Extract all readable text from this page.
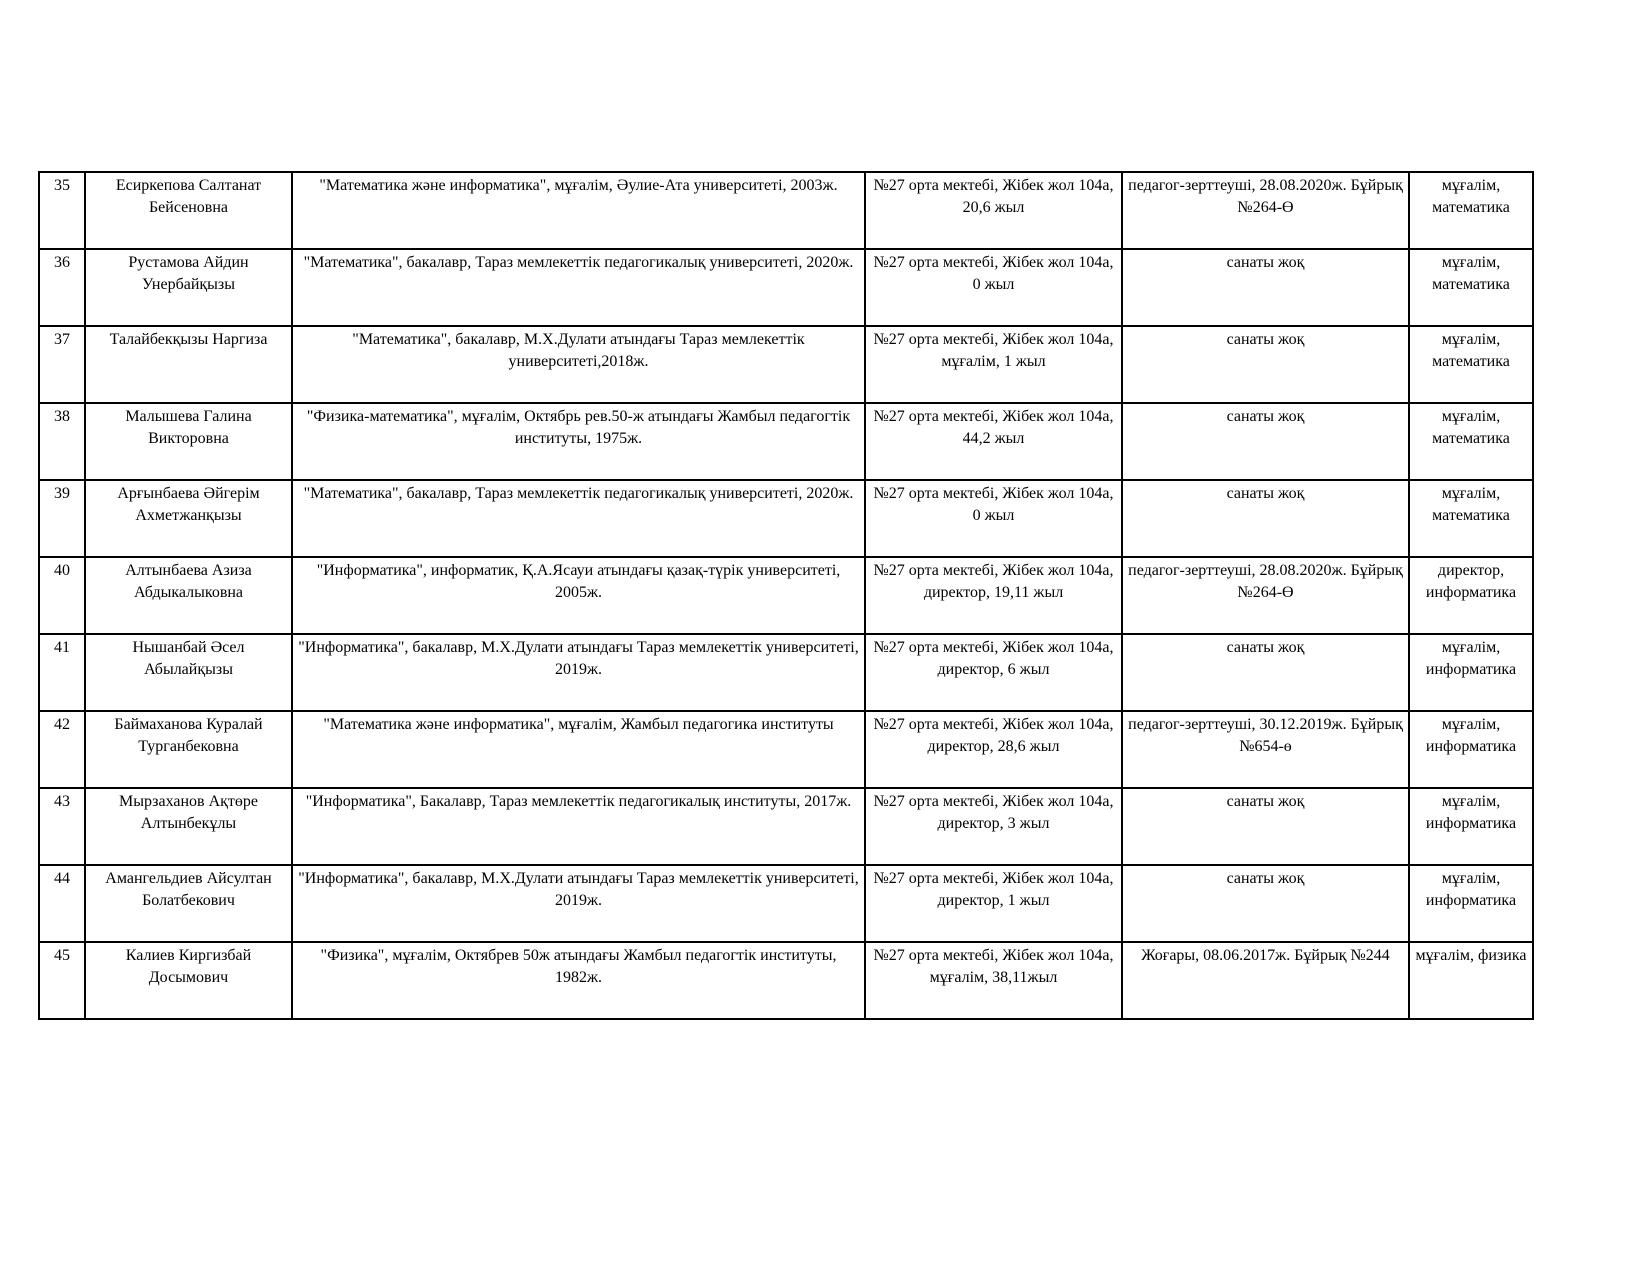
35	Есиркепова Салтанат Бейсеновна	"Математика және информатика", мұғалім, Әулие-Ата университеті, 2003ж.	№27 орта мектебі, Жібек жол 104а, 20,6 жыл	педагог-зерттеуші, 28.08.2020ж. Бұйрық №264-Ө	мұғалім, математика
36	Рустамова Айдин Унербайқызы	"Математика", бакалавр, Тараз мемлекеттік педагогикалық университеті, 2020ж.	№27 орта мектебі, Жібек жол 104а, 0 жыл	санаты жоқ	мұғалім, математика
37	Талайбекқызы Наргиза	"Математика", бакалавр, М.Х.Дулати атындағы Тараз мемлекеттік университеті,2018ж.	№27 орта мектебі, Жібек жол 104а, мұғалім, 1 жыл	санаты жоқ	мұғалім, математика
38	Малышева Галина Викторовна	"Физика-математика", мұғалім, Октябрь рев.50-ж атындағы Жамбыл педагогтік институты, 1975ж.	№27 орта мектебі, Жібек жол 104а, 44,2 жыл	санаты жоқ	мұғалім, математика
39	Арғынбаева Әйгерім Ахметжанқызы	"Математика", бакалавр, Тараз мемлекеттік педагогикалық университеті, 2020ж.	№27 орта мектебі, Жібек жол 104а, 0 жыл	санаты жоқ	мұғалім, математика
40	Алтынбаева Азиза Абдыкалыковна	"Информатика", информатик, Қ.А.Ясауи атындағы қазақ-түрік университеті, 2005ж.	№27 орта мектебі, Жібек жол 104а, директор, 19,11 жыл	педагог-зерттеуші, 28.08.2020ж. Бұйрық №264-Ө	директор, информатика
41	Нышанбай Әсел Абылайқызы	"Информатика", бакалавр, М.Х.Дулати атындағы Тараз мемлекеттік университеті, 2019ж.	№27 орта мектебі, Жібек жол 104а, директор, 6 жыл	санаты жоқ	мұғалім, информатика
42	Баймаханова Куралай Турганбековна	"Математика және информатика", мұғалім, Жамбыл педагогика институты	№27 орта мектебі, Жібек жол 104а, директор, 28,6 жыл	педагог-зерттеуші, 30.12.2019ж. Бұйрық №654-ө	мұғалім, информатика
43	Мырзаханов Ақтөре Алтынбекұлы	"Информатика", Бакалавр, Тараз мемлекеттік педагогикалық институты, 2017ж.	№27 орта мектебі, Жібек жол 104а, директор, 3 жыл	санаты жоқ	мұғалім, информатика
44	Амангельдиев Айсултан Болатбекович	"Информатика", бакалавр, М.Х.Дулати атындағы Тараз мемлекеттік университеті, 2019ж.	№27 орта мектебі, Жібек жол 104а, директор, 1 жыл	санаты жоқ	мұғалім, информатика
45	Калиев Киргизбай Досымович	"Физика", мұғалім, Октябрев 50ж атындағы Жамбыл педагогтік институты, 1982ж.	№27 орта мектебі, Жібек жол 104а, мұғалім, 38,11жыл	Жоғары, 08.06.2017ж. Бұйрық №244	мұғалім, физика
